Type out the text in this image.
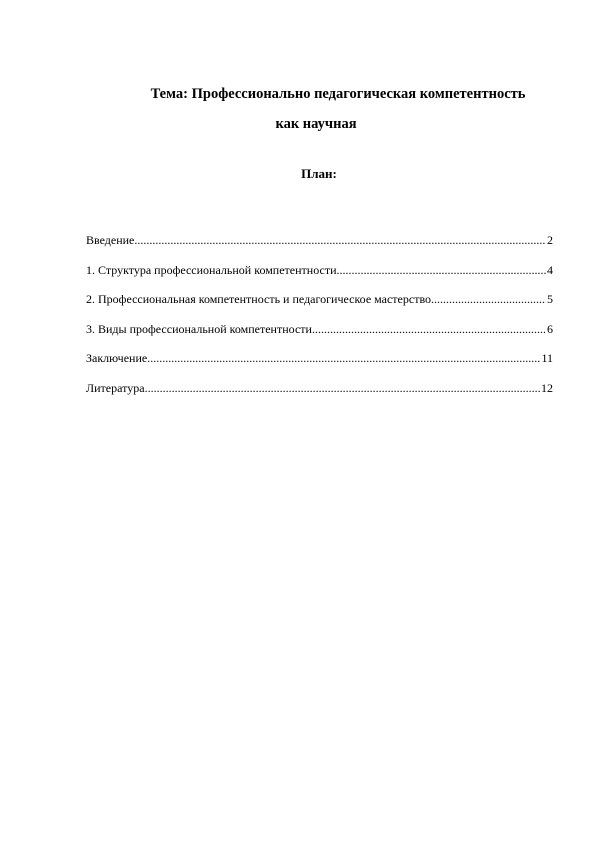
Тема: Профессионально педагогическая компетентность
как научная
План:
Введение .....	2
1. Структура профессиональной компетентности .....	4
2. Профессиональная компетентность и педагогическое мастерство .....	5
3. Виды профессиональной компетентности .....	6
Заключение .....	11
Литература .....	12
